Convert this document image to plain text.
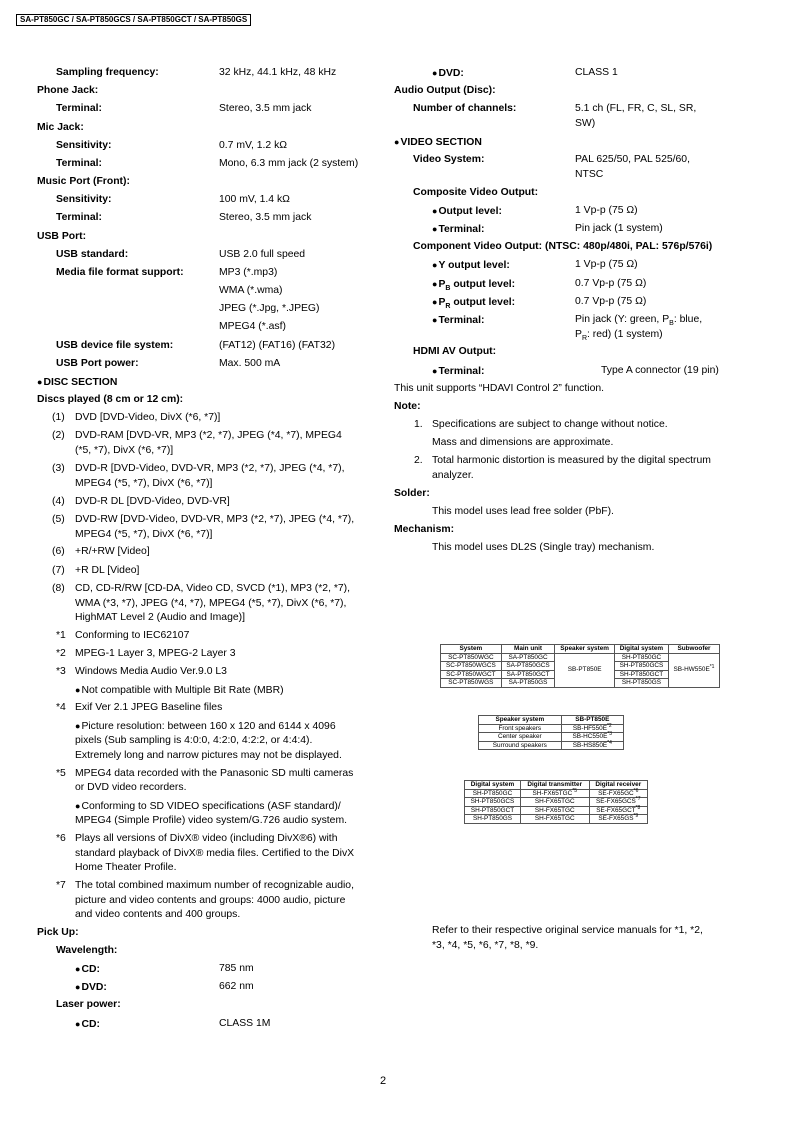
SA-PT850GC / SA-PT850GCS / SA-PT850GCT / SA-PT850GS
Sampling frequency:	32 kHz, 44.1 kHz, 48 kHz
Phone Jack:
Terminal:	Stereo, 3.5 mm jack
Mic Jack:
Sensitivity:	0.7 mV, 1.2 kΩ
Terminal:	Mono, 6.3 mm jack (2 system)
Music Port (Front):
Sensitivity:	100 mV, 1.4 kΩ
Terminal:	Stereo, 3.5 mm jack
USB Port:
USB standard:	USB 2.0 full speed
Media file format support:	MP3 (*.mp3)
WMA (*.wma)
JPEG (*.Jpg, *.JPEG)
MPEG4 (*.asf)
USB device file system:	(FAT12) (FAT16) (FAT32)
USB Port power:	Max. 500 mA
● DISC SECTION
Discs played (8 cm or 12 cm):
(1) DVD [DVD-Video, DivX (*6, *7)]
(2) DVD-RAM [DVD-VR, MP3 (*2, *7), JPEG (*4, *7), MPEG4
(*5, *7), DivX (*6, *7)]
(3) DVD-R [DVD-Video, DVD-VR, MP3 (*2, *7), JPEG (*4, *7),
MPEG4 (*5, *7), DivX (*6, *7)]
(4) DVD-R DL [DVD-Video, DVD-VR]
(5) DVD-RW [DVD-Video, DVD-VR, MP3 (*2, *7), JPEG (*4, *7),
MPEG4 (*5, *7), DivX (*6, *7)]
(6) +R/+RW [Video]
(7) +R DL [Video]
(8) CD, CD-R/RW [CD-DA, Video CD, SVCD (*1), MP3 (*2, *7),
WMA (*3, *7), JPEG (*4, *7), MPEG4 (*5, *7), DivX (*6, *7),
HighMAT Level 2 (Audio and Image)]
*1 Conforming to IEC62107
*2 MPEG-1 Layer 3, MPEG-2 Layer 3
*3 Windows Media Audio Ver.9.0 L3
● Not compatible with Multiple Bit Rate (MBR)
*4 Exif Ver 2.1 JPEG Baseline files
● Picture resolution: between 160 x 120 and 6144 x 4096
pixels (Sub sampling is 4:0:0, 4:2:0, 4:2:2, or 4:4:4).
Extremely long and narrow pictures may not be displayed.
*5 MPEG4 data recorded with the Panasonic SD multi cameras
or DVD video recorders.
● Conforming to SD VIDEO specifications (ASF standard)/
MPEG4 (Simple Profile) video system/G.726 audio system.
*6 Plays all versions of DivX® video (including DivX®6) with
standard playback of DivX® media files. Certified to the DivX
Home Theater Profile.
*7 The total combined maximum number of recognizable audio,
picture and video contents and groups: 4000 audio, picture
and video contents and 400 groups.
Pick Up:
Wavelength:
● CD:	785 nm
● DVD:	662 nm
Laser power:
● CD:	CLASS 1M
● DVD:	CLASS 1
Audio Output (Disc):
Number of channels:	5.1 ch (FL, FR, C, SL, SR,
SW)
● VIDEO SECTION
Video System:	PAL 625/50, PAL 525/60,
NTSC
Composite Video Output:
● Output level:	1 Vp-p (75 Ω)
● Terminal:	Pin jack (1 system)
Component Video Output: (NTSC: 480p/480i, PAL: 576p/576i)
● Y output level:	1 Vp-p (75 Ω)
● $P_B$ output level:	0.7 Vp-p (75 Ω)
● $P_R$ output level:	0.7 Vp-p (75 Ω)
● Terminal:	Pin jack (Y: green, $P_B$: blue,
$P_R$: red) (1 system)
HDMI AV Output:
● Terminal:	Type A connector (19 pin)
This unit supports “HDAVI Control 2” function.
Note:
1. Specifications are subject to change without notice.
Mass and dimensions are approximate.
2. Total harmonic distortion is measured by the digital spectrum
analyzer.
Solder:
This model uses lead free solder (PbF).
Mechanism:
This model uses DL2S (Single tray) mechanism.
System	Main unit	Speaker system	Digital system	Subwoofer
SC-PT850WGC	SA-PT850GC	SB-PT850E	SH-PT850GC	$SB-HW550E^{*1}$
SC-PT850WGCS	SA-PT850GCS		SH-PT850GCS	
SC-PT850WGCT	SA-PT850GCT		SH-PT850GCT	
SC-PT850WGS	SA-PT850GS		SH-PT850GS	
Speaker system	SB-PT850E
Front speakers	$SB-HF550E^{*2}$
Center speaker	$SB-HC550E^{*3}$
Surround speakers	$SB-HS850E^{*4}$
Digital system	Digital transmitter	Digital receiver
SH-PT850GC	SH-FX65TGC$^{*5}$	SE-FX65GC$^{*6}$
SH-PT850GCS	SH-FX65TGC	SE-FX65GCS$^{*7}$
SH-PT850GCT	SH-FX65TGC	SE-FX65GCT$^{*8}$
SH-PT850GS	SH-FX65TGC	SE-FX65GS$^{*9}$
Refer to their respective original service manuals for *1, *2,
*3, *4, *5, *6, *7, *8, *9.
2
